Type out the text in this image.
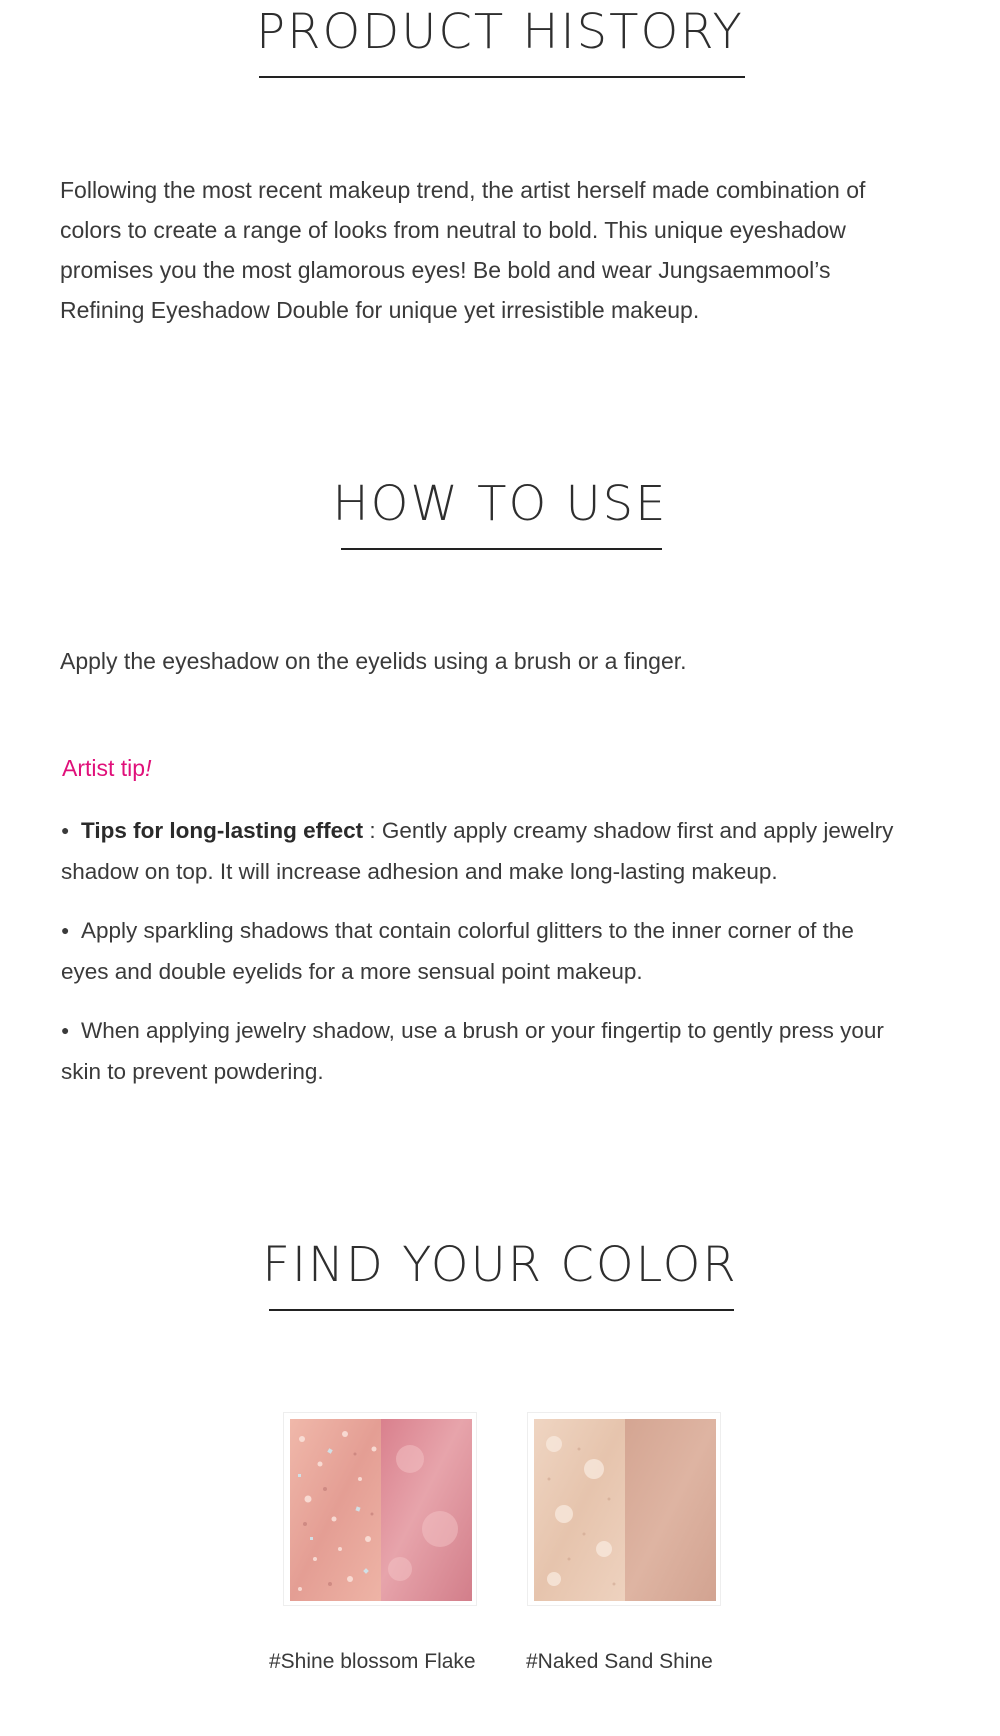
PRODUCT HISTORY
Following the most recent makeup trend, the artist herself made combination of
colors to create a range of looks from neutral to bold. This unique eyeshadow
promises you the most glamorous eyes! Be bold and wear Jungsaemmool’s
Refining Eyeshadow Double for unique yet irresistible makeup.
HOW TO USE
Apply the eyeshadow on the eyelids using a brush or a finger.
Artist tip!
● Tips for long-lasting effect : Gently apply creamy shadow first and apply jewelry
shadow on top. It will increase adhesion and make long-lasting makeup.
● Apply sparkling shadows that contain colorful glitters to the inner corner of the
eyes and double eyelids for a more sensual point makeup.
● When applying jewelry shadow, use a brush or your fingertip to gently press your
skin to prevent powdering.
FIND YOUR COLOR
#Shine blossom Flake #Naked Sand Shine
